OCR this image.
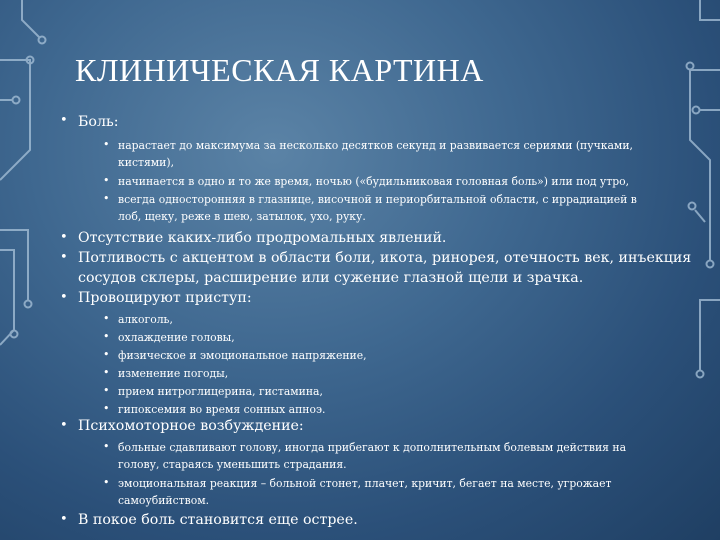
КЛИНИЧЕСКАЯ КАРТИНА
• Боль:
• нарастает до максимума за несколько десятков секунд и развивается сериями (пучками,
кистями),
• начинается в одно и то же время, ночью («будильниковая головная боль») или под утро,
• всегда односторонняя в глазнице, височной и периорбитальной области, с иррадиацией в
лоб, щеку, реже в шею, затылок, ухо, руку.
• Отсутствие каких-либо продромальных явлений.
• Потливость с акцентом в области боли, икота, ринорея, отечность век, инъекция
сосудов склеры, расширение или сужение глазной щели и зрачка.
• Провоцируют приступ:
• алкоголь,
• охлаждение головы,
• физическое и эмоциональное напряжение,
• изменение погоды,
• прием нитроглицерина, гистамина,
• гипоксемия во время сонных апноэ.
• Психомоторное возбуждение:
• больные сдавливают голову, иногда прибегают к дополнительным болевым действия на
голову, стараясь уменьшить страдания.
• эмоциональная реакция – больной стонет, плачет, кричит, бегает на месте, угрожает
самоубийством.
• В покое боль становится еще острее.
